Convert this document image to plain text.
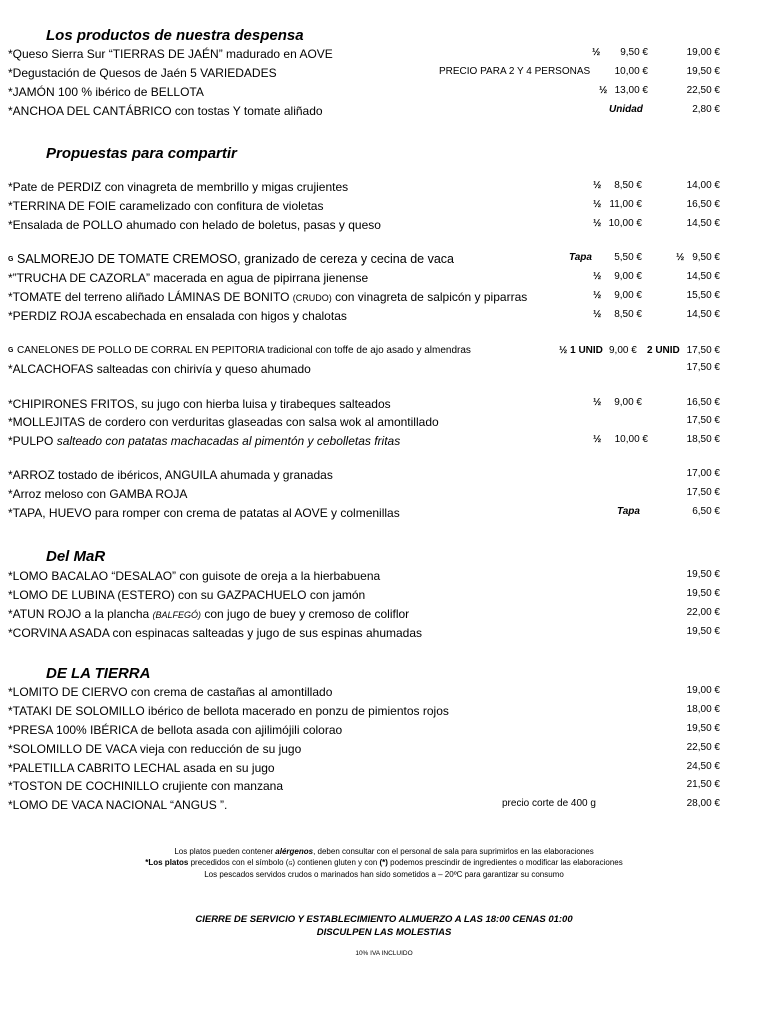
Los productos de nuestra despensa
*Queso Sierra Sur “TIERRAS DE JAÉN” madurado en AOVE	½	9,50 €	19,00 €
*Degustación de Quesos de Jaén 5 VARIEDADES	PRECIO PARA 2 Y 4 PERSONAS	10,00 €	19,50 €
*JAMÓN 100 % ibérico de BELLOTA	½ 13,00 €	22,50 €
*ANCHOA DEL CANTÁBRICO con tostas Y tomate aliñado	Unidad	2,80 €
Propuestas para compartir
*Pate de PERDIZ con vinagreta de membrillo y migas crujientes	½	8,50 €	14,00 €
*TERRINA DE FOIE caramelizado con confitura de violetas	½ 11,00 €	16,50 €
*Ensalada de POLLO ahumado con helado de boletus, pasas y queso	½ 10,00 €	14,50 €
G SALMOREJO DE TOMATE CREMOSO, granizado de cereza y cecina de vaca	Tapa	5,50 €	½ 9,50 €
*”TRUCHA DE CAZORLA” macerada en agua de pipirrana jienense	½	9,00 €	14,50 €
*TOMATE del terreno aliñado LÁMINAS DE BONITO (CRUDO) con vinagreta de salpicón y piparras	½	9,00 €	15,50 €
*PERDIZ ROJA escabechada en ensalada con higos y chalotas	½	8,50 €	14,50 €
G CANELONES DE POLLO DE CORRAL EN PEPITORIA tradicional con toffe de ajo asado y almendras	½ 1 UNID 9,00 € 2 UNID 17,50 €
*ALCACHOFAS salteadas con chirivía y queso ahumado	17,50 €
*CHIPIRONES FRITOS, su jugo con hierba luisa y tirabeques salteados	½	9,00 €	16,50 €
*MOLLEJITAS de cordero con verduritas glaseadas con salsa wok al amontillado	17,50 €
*PULPO salteado con patatas machacadas al pimentón y cebolletas fritas	½	10,00 €	18,50 €
*ARROZ tostado de ibéricos, ANGUILA ahumada y granadas	17,00 €
*Arroz meloso con GAMBA ROJA	17,50 €
*TAPA, HUEVO para romper con crema de patatas al AOVE y colmenillas	Tapa	6,50 €
Del MaR
*LOMO BACALAO “DESALAO” con guisote de oreja a la hierbabuena	19,50 €
*LOMO DE LUBINA (ESTERO) con su GAZPACHUELO con jamón	19,50 €
*ATUN ROJO a la plancha (BALFEGÓ) con jugo de buey y cremoso de coliflor	22,00 €
*CORVINA ASADA con espinacas salteadas y jugo de sus espinas ahumadas	19,50 €
DE LA TIERRA
*LOMITO DE CIERVO con crema de castañas al amontillado	19,00 €
*TATAKI DE SOLOMILLO ibérico de bellota macerado en ponzu de pimientos rojos	18,00 €
*PRESA 100% IBÉRICA de bellota asada con ajilimójili colorao	19,50 €
*SOLOMILLO DE VACA vieja con reducción de su jugo	22,50 €
*PALETILLA CABRITO LECHAL asada en su jugo	24,50 €
*TOSTON DE COCHINILLO crujiente con manzana	21,50 €
*LOMO DE VACA NACIONAL “ANGUS ”.	precio corte de 400 g	28,00 €
Los platos pueden contener alérgenos, deben consultar con el personal de sala para suprimirlos en las elaboraciones
*Los platos precedidos con el símbolo (G) contienen gluten y con (*) podemos prescindir de ingredientes o modificar las elaboraciones
Los pescados servidos crudos o marinados han sido sometidos a – 20ºC para garantizar su consumo
CIERRE DE SERVICIO Y ESTABLECIMIENTO ALMUERZO A LAS 18:00 CENAS 01:00
DISCULPEN LAS MOLESTIAS
10% IVA INCLUIDO
